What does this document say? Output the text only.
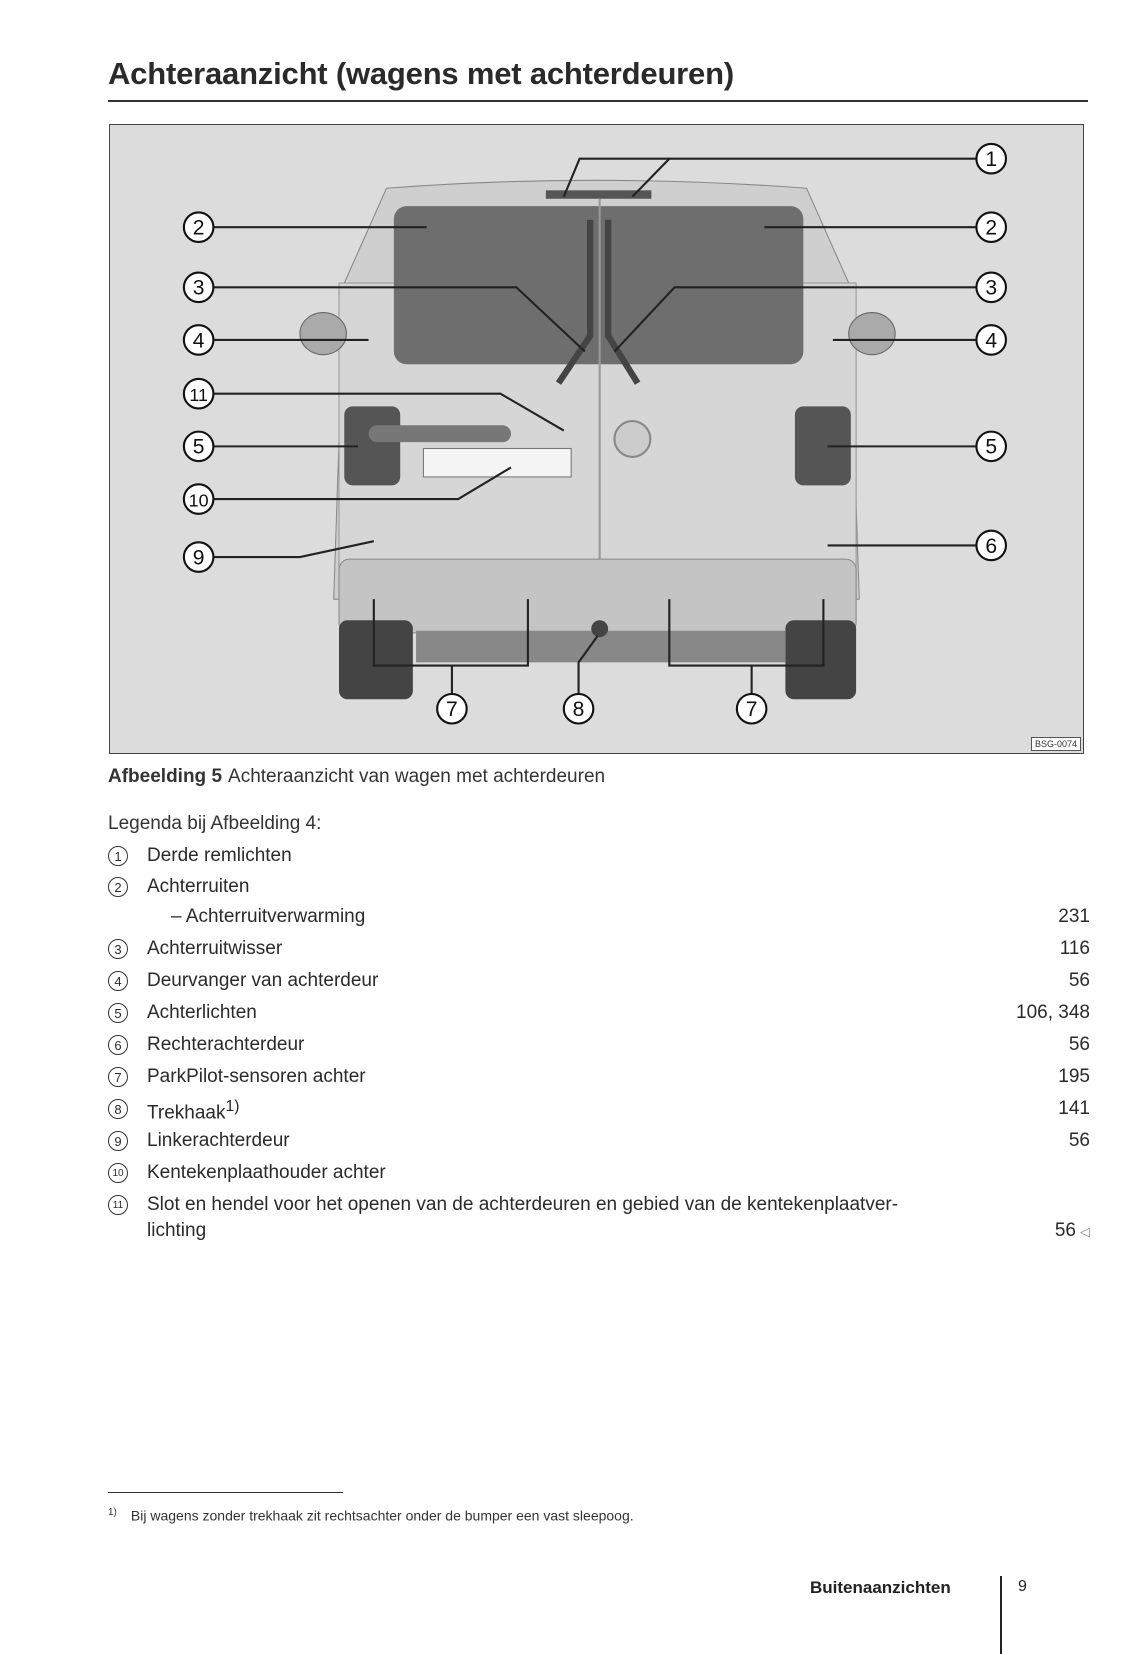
Achteraanzicht (wagens met achterdeuren)
2
3
4
11
5
10
9
1
2
3
4
5
6
7	8	7
BSG-0074
Afbeelding 5 Achteraanzicht van wagen met achterdeuren
Legenda bij Afbeelding 4:
1	Derde remlichten
2	Achterruiten
– Achterruitverwarming	231
3	Achterruitwisser	116
4	Deurvanger van achterdeur	56
5	Achterlichten	106, 348
6	Rechterachterdeur	56
7	ParkPilot-sensoren achter	195
8	Trekhaak$^{1)}$	141
9	Linkerachterdeur	56
10 Kentekenplaathouder achter
11 Slot en hendel voor het openen van de achterdeuren en gebied van de kentekenplaatver-
lichting	56 ◁
$^{1)}$ Bij wagens zonder trekhaak zit rechtsachter onder de bumper een vast sleepoog.
Buitenaanzichten	9
